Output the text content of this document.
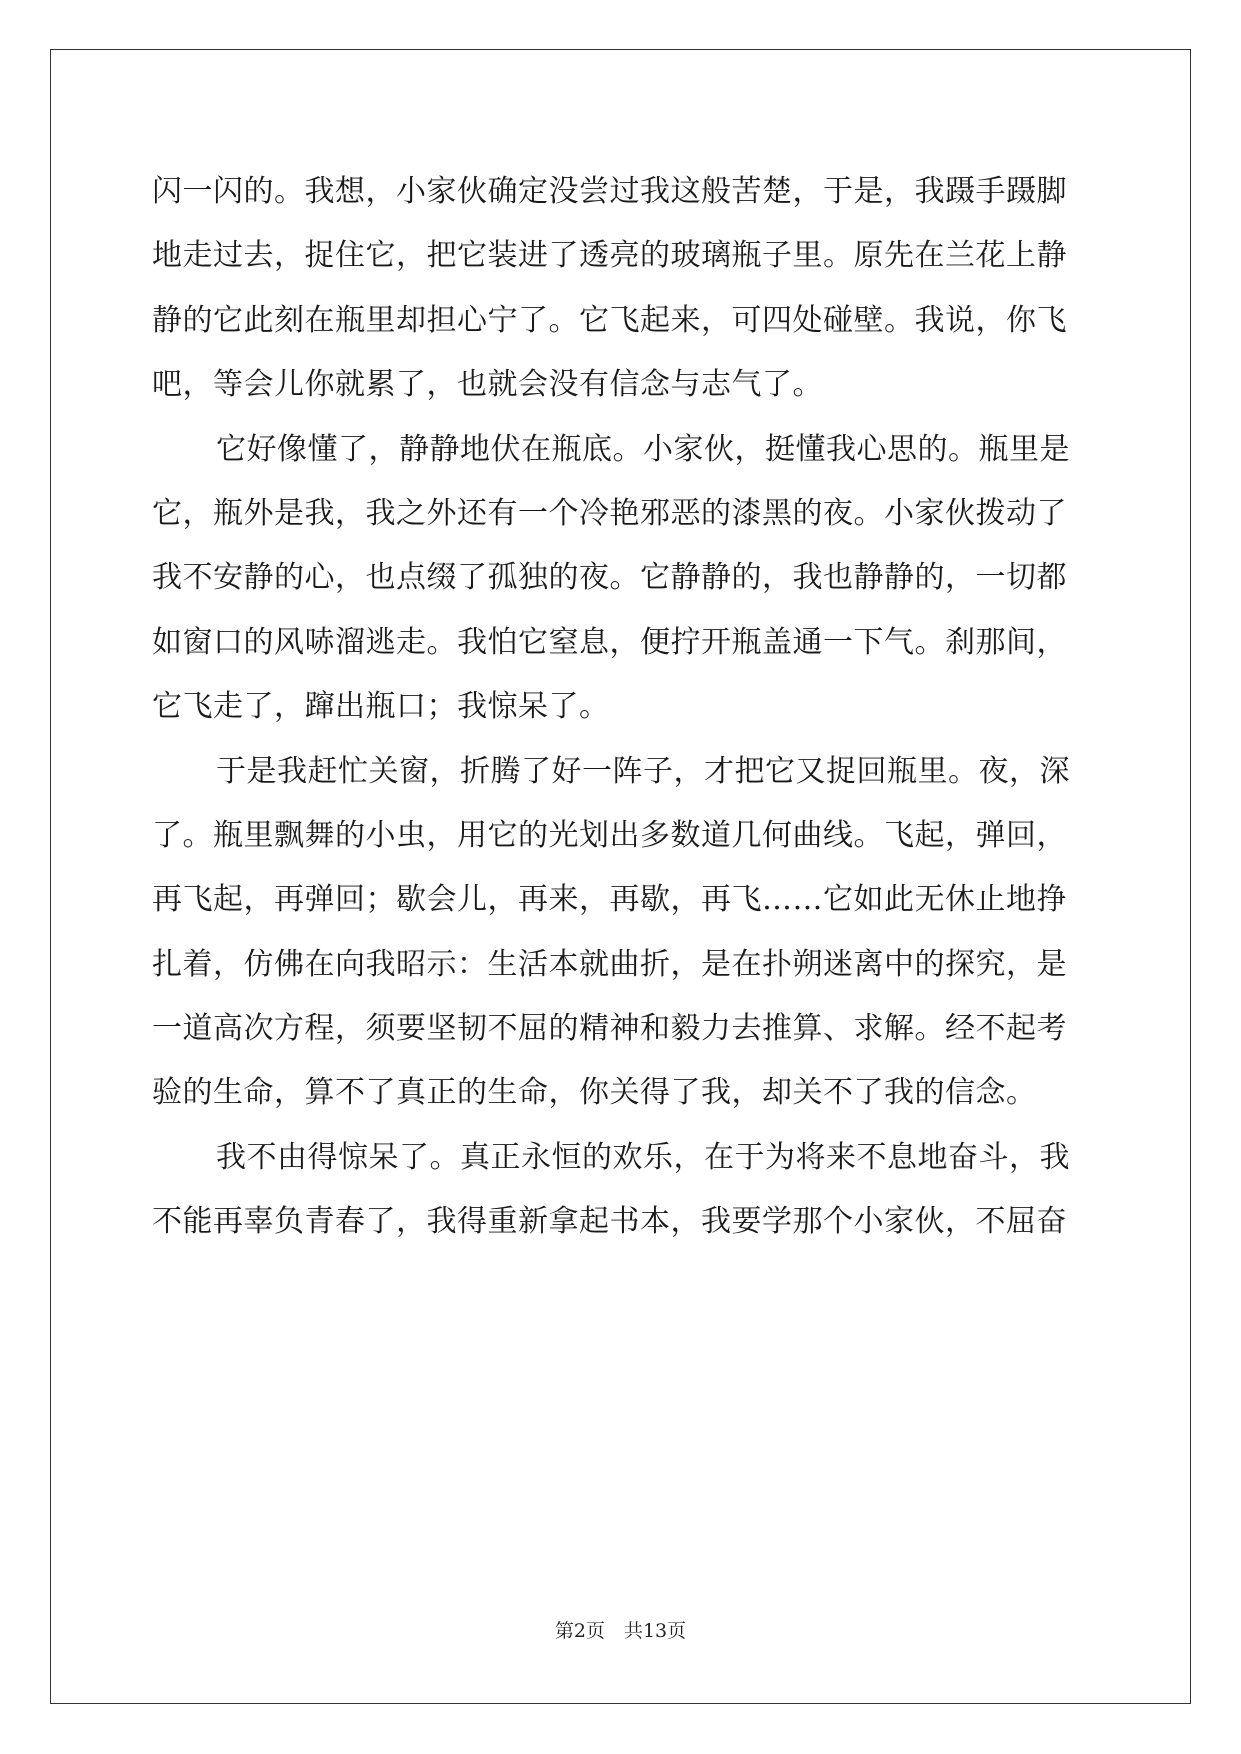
闪一闪的。我想，小家伙确定没尝过我这般苦楚，于是，我蹑手蹑脚
地走过去，捉住它，把它装进了透亮的玻璃瓶子里。原先在兰花上静
静的它此刻在瓶里却担心宁了。它飞起来，可四处碰壁。我说，你飞
吧，等会儿你就累了，也就会没有信念与志气了。
它好像懂了，静静地伏在瓶底。小家伙，挺懂我心思的。瓶里是
它，瓶外是我，我之外还有一个冷艳邪恶的漆黑的夜。小家伙拨动了
我不安静的心，也点缀了孤独的夜。它静静的，我也静静的，一切都
如窗口的风哧溜逃走。我怕它窒息，便拧开瓶盖通一下气。刹那间，
它飞走了，蹿出瓶口；我惊呆了。
于是我赶忙关窗，折腾了好一阵子，才把它又捉回瓶里。夜，深
了。瓶里飘舞的小虫，用它的光划出多数道几何曲线。飞起，弹回，
再飞起，再弹回；歇会儿，再来，再歇，再飞……它如此无休止地挣
扎着，仿佛在向我昭示：生活本就曲折，是在扑朔迷离中的探究，是
一道高次方程，须要坚韧不屈的精神和毅力去推算、求解。经不起考
验的生命，算不了真正的生命，你关得了我，却关不了我的信念。
我不由得惊呆了。真正永恒的欢乐，在于为将来不息地奋斗，我
不能再辜负青春了，我得重新拿起书本，我要学那个小家伙，不屈奋
第2页　共13页
